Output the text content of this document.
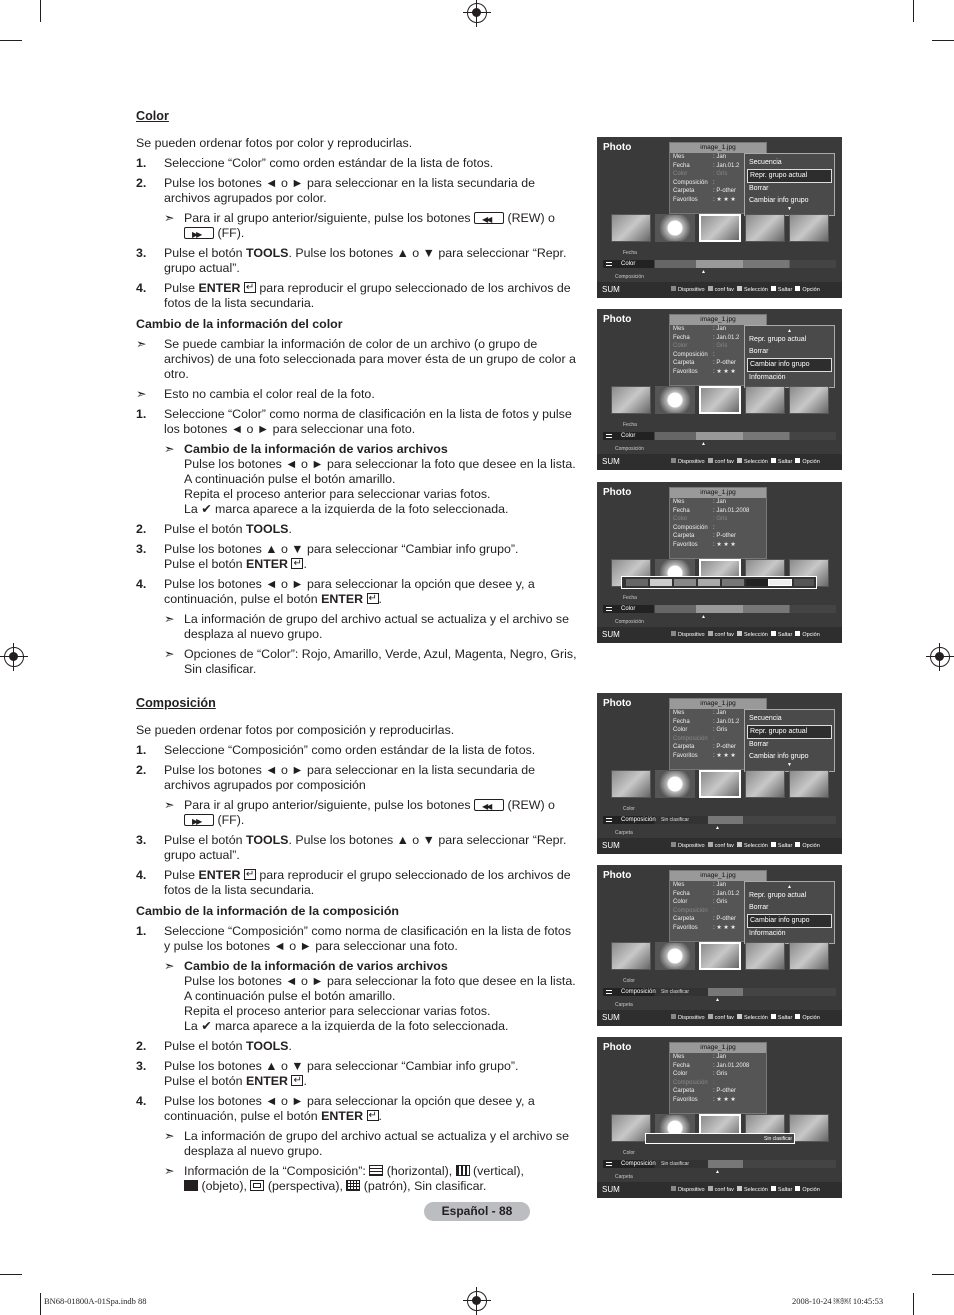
Color
Se pueden ordenar fotos por color y reproducirlas.
1. Seleccione “Color” como orden estándar de la lista de fotos.
2. Pulse los botones ◄ o ► para seleccionar en la lista secundaria de archivos agrupados por color.
➣ Para ir al grupo anterior/siguiente, pulse los botones ◀◀	(REW) o
▶▶ (FF).
3. Pulse el botón TOOLS. Pulse los botones ▲ o ▼ para seleccionar “Repr. grupo actual”.
4. Pulse ENTER ↵ para reproducir el grupo seleccionado de los archivos de fotos de la lista secundaria.
Cambio de la información del color
➣ Se puede cambiar la información de color de un archivo (o grupo de archivos) de una foto seleccionada para mover ésta de un grupo de color a otro.
➣ Esto no cambia el color real de la foto.
1. Seleccione “Color” como norma de clasificación en la lista de fotos y pulse los botones ◄ o ► para seleccionar una foto.
➣ Cambio de la información de varios archivos
Pulse los botones ◄ o ► para seleccionar la foto que desee en la lista. A continuación pulse el botón amarillo.
Repita el proceso anterior para seleccionar varias fotos.
La ✔ marca aparece a la izquierda de la foto seleccionada.
2. Pulse el botón TOOLS.
3. Pulse los botones ▲ o ▼ para seleccionar “Cambiar info grupo”.
Pulse el botón ENTER ↵ .
4. Pulse los botones ◄ o ► para seleccionar la opción que desee y, a continuación, pulse el botón ENTER ↵ .
➣ La información de grupo del archivo actual se actualiza y el archivo se desplaza al nuevo grupo.
➣ Opciones de “Color”: Rojo, Amarillo, Verde, Azul, Magenta, Negro, Gris, Sin clasificar.
Composición
Se pueden ordenar fotos por composición y reproducirlas.
1. Seleccione “Composición” como orden estándar de la lista de fotos.
2. Pulse los botones ◄ o ► para seleccionar en la lista secundaria de archivos agrupados por composición
➣ Para ir al grupo anterior/siguiente, pulse los botones ◀◀	(REW) o
▶▶ (FF).
3. Pulse el botón TOOLS. Pulse los botones ▲ o ▼ para seleccionar “Repr. grupo actual”.
4. Pulse ENTER ↵ para reproducir el grupo seleccionado de los archivos de fotos de la lista secundaria.
Cambio de la información de la composición
1. Seleccione “Composición” como norma de clasificación en la lista de fotos y pulse los botones ◄ o ► para seleccionar una foto.
➣ Cambio de la información de varios archivos
Pulse los botones ◄ o ► para seleccionar la foto que desee en la lista. A continuación pulse el botón amarillo.
Repita el proceso anterior para seleccionar varias fotos.
La ✔ marca aparece a la izquierda de la foto seleccionada.
2. Pulse el botón TOOLS.
3. Pulse los botones ▲ o ▼ para seleccionar “Cambiar info grupo”.
Pulse el botón ENTER ↵ .
4. Pulse los botones ◄ o ► para seleccionar la opción que desee y, a continuación, pulse el botón ENTER ↵ .
➣ La información de grupo del archivo actual se actualiza y el archivo se desplaza al nuevo grupo.
➣ Información de la “Composición”: (horizontal), (vertical),
(objeto), (perspectiva), (patrón), Sin clasificar.
Photo	image_1.jpg
Mes	: Jan
Fecha	: Jan.01.2
Color	: Gris
Composición :
Carpeta	: P-other
Favoritos	: ★ ★ ★
Secuencia
Repr. grupo actual
Borrar
Cambiar info grupo
▼
Fecha
Color
▲
Composición
SUM	Dispositivo conf fav Selección Saltar Opción
Photo	image_1.jpg
Mes	: Jan
Fecha	: Jan.01.2
Color	: Gris
Composición :
Carpeta	: P-other
Favoritos	: ★ ★ ★
▲
Repr. grupo actual
Borrar
Cambiar info grupo
Información
Fecha
Color
▲
Composición
SUM	Dispositivo conf fav Selección Saltar Opción
Photo	image_1.jpg
Mes	: Jan
Fecha	: Jan.01.2008
Color	: Gris
Composición :
Carpeta	: P-other
Favoritos	: ★ ★ ★
Fecha
Color
▲
Composición
SUM	Dispositivo conf fav Selección Saltar Opción
Photo	image_1.jpg
Mes	: Jan
Fecha	: Jan.01.2
Color	: Gris
Composición :
Carpeta	: P-other
Favoritos	: ★ ★ ★
Secuencia
Repr. grupo actual
Borrar
Cambiar info grupo
▼
Color
Composición Sin clasificar
▲
Carpeta
SUM	Dispositivo conf fav Selección Saltar Opción
Photo	image_1.jpg
Mes	: Jan
Fecha	: Jan.01.2
Color	: Gris
Composición :
Carpeta	: P-other
Favoritos	: ★ ★ ★
▲
Repr. grupo actual
Borrar
Cambiar info grupo
Información
Color
Composición Sin clasificar
▲
Carpeta
SUM	Dispositivo conf fav Selección Saltar Opción
Photo	image_1.jpg
Mes	: Jan
Fecha	: Jan.01.2008
Color	: Gris
Composición :
Carpeta	: P-other
Favoritos	: ★ ★ ★
Sin clasificar
Color
Composición Sin clasificar
▲
Carpeta
SUM	Dispositivo conf fav Selección Saltar Opción
Español - 88
BN68-01800A-01Spa.indb 88	2008-10-24 ￼￼ 10:45:53
